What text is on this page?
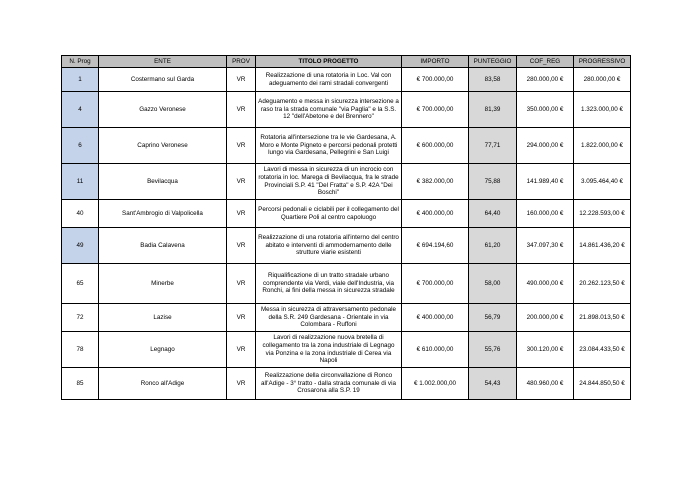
N. Prog	ENTE	PROV	TITOLO PROGETTO	IMPORTO	PUNTEGGIO	COF_REG	PROGRESSIVO
1	Costermano sul Garda	VR	Realizzazione di una rotatoria in Loc. Val con adeguamento dei rami stradali convergenti	€ 700.000,00	83,58	280.000,00 €	280.000,00 €
4	Gazzo Veronese	VR	Adeguamento e messa in sicurezza intersezione a raso tra la strada comunale "via Paglia" e la S.S. 12 "dell'Abetone e del Brennero"	€ 700.000,00	81,39	350.000,00 €	1.323.000,00 €
6	Caprino Veronese	VR	Rotatoria all'intersezione tra le vie Gardesana, A. Moro e Monte Pigneto e percorsi pedonali protetti lungo via Gardesana, Pellegrini e San Luigi	€ 600.000,00	77,71	294.000,00 €	1.822.000,00 €
11	Bevilacqua	VR	Lavori di messa in sicurezza di un incrocio con rotatoria in loc. Marega di Bevilacqua, fra le strade Provinciali S.P. 41 "Del Fratta" e S.P. 42A "Dei Boschi"	€ 382.000,00	75,88	141.989,40 €	3.095.464,40 €
40	Sant'Ambrogio di Valpolicella	VR	Percorsi pedonali e ciclabili per il collegamento del Quartiere Poli al centro capoluogo	€ 400.000,00	64,40	160.000,00 €	12.228.593,00 €
49	Badia Calavena	VR	Realizzazione di una rotatoria all'interno del centro abitato e interventi di ammodernamento delle strutture viarie esistenti	€ 694.194,60	61,20	347.097,30 €	14.861.436,20 €
65	Minerbe	VR	Riqualificazione di un tratto stradale urbano comprendente via Verdi, viale dell'Industria, via Ronchi, ai fini della messa in sicurezza stradale	€ 700.000,00	58,00	490.000,00 €	20.262.123,50 €
72	Lazise	VR	Messa in sicurezza di attraversamento pedonale della S.R. 249 Gardesana - Orientale in via Colombara - Ruffoni	€ 400.000,00	56,79	200.000,00 €	21.898.013,50 €
78	Legnago	VR	Lavori di realizzazione nuova bretella di collegamento tra la zona industriale di Legnago via Ponzina e la zona industriale di Cerea via Napoli	€ 610.000,00	55,76	300.120,00 €	23.084.433,50 €
85	Ronco all'Adige	VR	Realizzazione della circonvallazione di Ronco all'Adige - 3° tratto - dalla strada comunale di via Crosarona alla S.P. 19	€ 1.002.000,00	54,43	480.960,00 €	24.844.850,50 €
